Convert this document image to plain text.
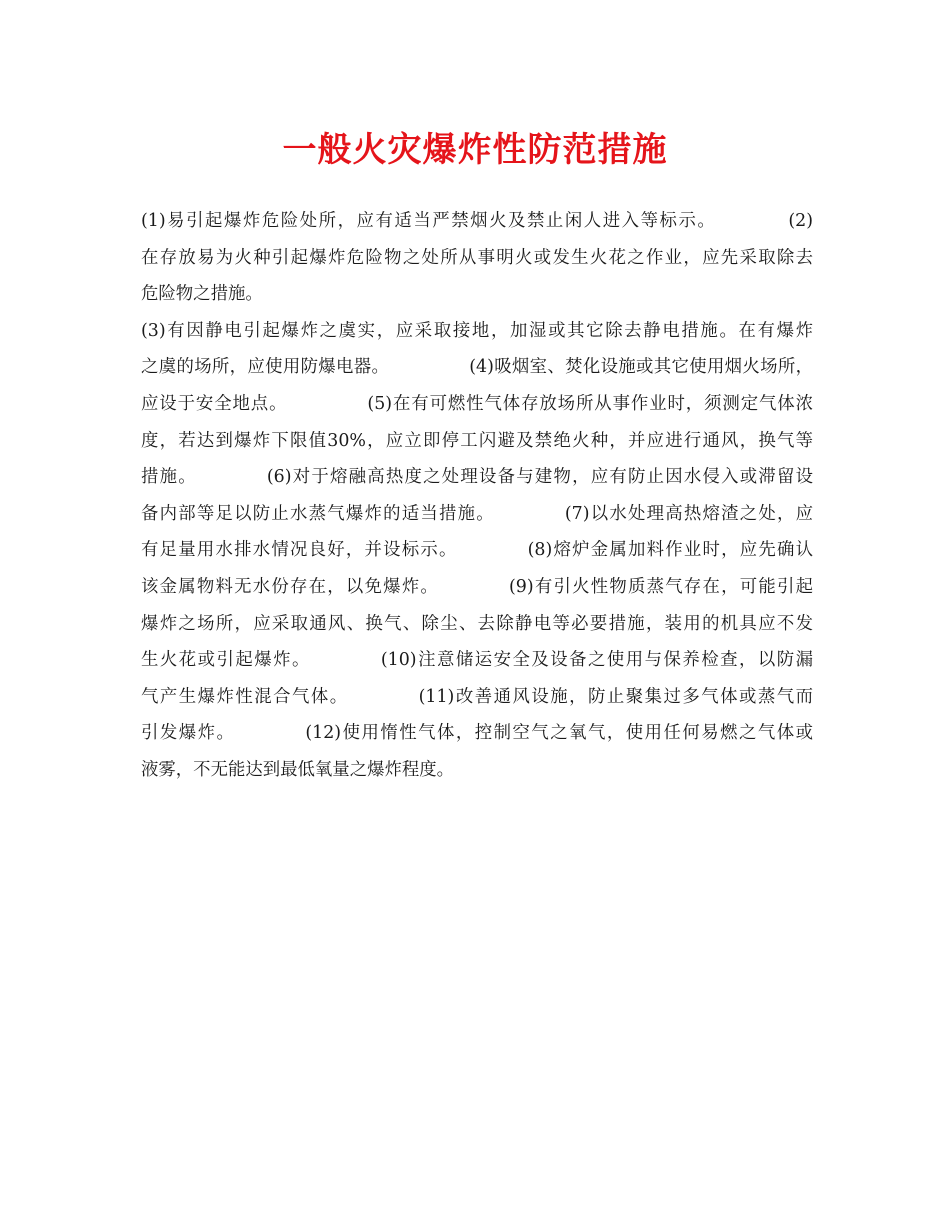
一般火灾爆炸性防范措施
(1)易引起爆炸危险处所，应有适当严禁烟火及禁止闲人进入等标示。	(2)
在存放易为火种引起爆炸危险物之处所从事明火或发生火花之作业，应先采取除去
危险物之措施。
(3)有因静电引起爆炸之虞实，应采取接地，加湿或其它除去静电措施。在有爆炸
之虞的场所，应使用防爆电器。	(4)吸烟室、焚化设施或其它使用烟火场所，
应设于安全地点。	(5)在有可燃性气体存放场所从事作业时，须测定气体浓
度，若达到爆炸下限值30%，应立即停工闪避及禁绝火种，并应进行通风，换气等
措施。	(6)对于熔融高热度之处理设备与建物，应有防止因水侵入或滞留设
备内部等足以防止水蒸气爆炸的适当措施。	(7)以水处理高热熔渣之处，应
有足量用水排水情况良好，并设标示。	(8)熔炉金属加料作业时，应先确认
该金属物料无水份存在，以免爆炸。	(9)有引火性物质蒸气存在，可能引起
爆炸之场所，应采取通风、换气、除尘、去除静电等必要措施，装用的机具应不发
生火花或引起爆炸。	(10)注意储运安全及设备之使用与保养检查，以防漏
气产生爆炸性混合气体。	(11)改善通风设施，防止聚集过多气体或蒸气而
引发爆炸。	(12)使用惰性气体，控制空气之氧气，使用任何易燃之气体或
液雾，不无能达到最低氧量之爆炸程度。
